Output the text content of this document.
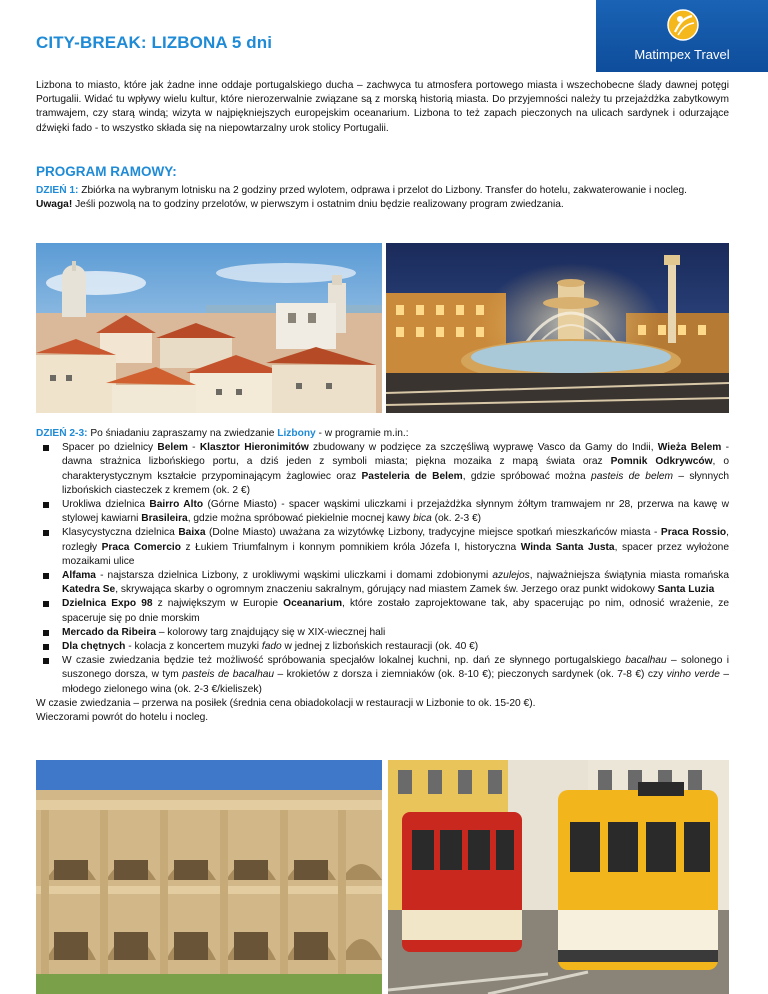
Matimpex Travel
CITY-BREAK: LIZBONA 5 dni

Lizbona to miasto, które jak żadne inne oddaje portugalskiego ducha – zachwyca tu atmosfera portowego miasta i wszechobecne ślady dawnej potęgi Portugalii. Widać tu wpływy wielu kultur, które nierozerwalnie związane są z morską historią miasta. Do przyjemności należy tu przejażdżka zabytkowym tramwajem, czy starą windą; wizyta w najpiękniejszych europejskim oceanarium. Lizbona to też zapach pieczonych na ulicach sardynek i odurzające dźwięki fado - to wszystko składa się na niepowtarzalny urok stolicy Portugalii.

PROGRAM RAMOWY:

DZIEŃ 1: Zbiórka na wybranym lotnisku na 2 godziny przed wylotem, odprawa i przelot do Lizbony. Transfer do hotelu, zakwaterowanie i nocleg.
Uwaga! Jeśli pozwolą na to godziny przelotów, w pierwszym i ostatnim dniu będzie realizowany program zwiedzania.

DZIEŃ 2-3: Po śniadaniu zapraszamy na zwiedzanie Lizbony - w programie m.in.:

Spacer po dzielnicy Belem - Klasztor Hieronimitów zbudowany w podzięce za szczęśliwą wyprawę Vasco da Gamy do Indii, Wieża Belem - dawna strażnica lizbońskiego portu, a dziś jeden z symboli miasta; piękna mozaika z mapą świata oraz Pomnik Odkrywców, o charakterystycznym kształcie przypominającym żaglowiec oraz Pasteleria de Belem, gdzie spróbować można pasteis de belem – słynnych lizbońskich ciasteczek z kremem (ok. 2 €)
Urokliwa dzielnica Bairro Alto (Górne Miasto) - spacer wąskimi uliczkami i przejażdżka słynnym żółtym tramwajem nr 28, przerwa na kawę w stylowej kawiarni Brasileira, gdzie można spróbować piekielnie mocnej kawy bica (ok. 2-3 €)
Klasycystyczna dzielnica Baixa (Dolne Miasto) uważana za wizytówkę Lizbony, tradycyjne miejsce spotkań mieszkańców miasta - Praca Rossio, rozległy Praca Comercio z Łukiem Triumfalnym i konnym pomnikiem króla Józefa I, historyczna Winda Santa Justa, spacer przez wyłożone mozaikami ulice
Alfama - najstarsza dzielnica Lizbony, z urokliwymi wąskimi uliczkami i domami zdobionymi azulejos, najważniejsza świątynia miasta romańska Katedra Se, skrywająca skarby o ogromnym znaczeniu sakralnym, górujący nad miastem Zamek św. Jerzego oraz punkt widokowy Santa Luzia
Dzielnica Expo 98 z największym w Europie Oceanarium, które zostało zaprojektowane tak, aby spacerując po nim, odnosić wrażenie, ze spaceruje się po dnie morskim
Mercado da Ribeira – kolorowy targ znajdujący się w XIX-wiecznej hali
Dla chętnych - kolacja z koncertem muzyki fado w jednej z lizbońskich restauracji (ok. 40 €)
W czasie zwiedzania będzie też możliwość spróbowania specjałów lokalnej kuchni, np. dań ze słynnego portugalskiego bacalhau – solonego i suszonego dorsza, w tym pasteis de bacalhau – krokietów z dorsza i ziemniaków (ok. 8-10 €); pieczonych sardynek (ok. 7-8 €) czy vinho verde – młodego zielonego wina (ok. 2-3 €/kieliszek)

W czasie zwiedzania – przerwa na posiłek (średnia cena obiadokolacji w restauracji w Lizbonie to ok. 15-20 €).

Wieczorami powrót do hotelu i nocleg.
